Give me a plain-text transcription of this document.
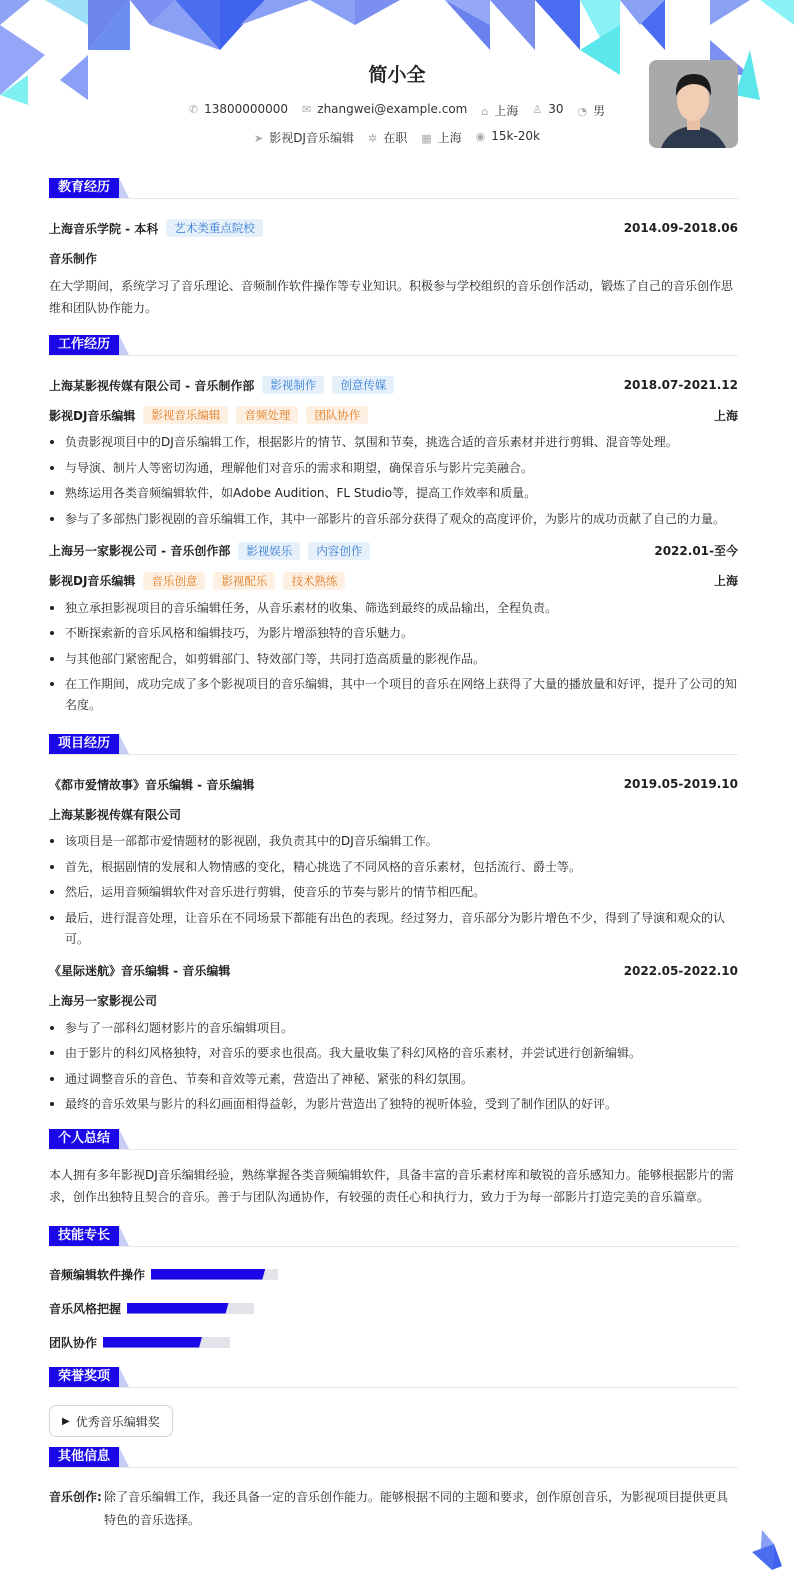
简小全
✆ 13800000000 ✉ zhangwei@example.com ⌂ 上海 ♙ 30 ◔ 男
➤ 影视DJ音乐编辑 ✲ 在职 ▦ 上海 ◉ 15k-20k
教育经历
上海音乐学院 - 本科	艺术类重点院校	2014.09-2018.06
音乐制作
在大学期间，系统学习了音乐理论、音频制作软件操作等专业知识。积极参与学校组织的音乐创作活动，锻炼了自己的音乐创作思维和团队协作能力。
工作经历
上海某影视传媒有限公司 - 音乐制作部	影视制作	创意传媒	2018.07-2021.12
影视DJ音乐编辑	影视音乐编辑	音频处理	团队协作	上海
负责影视项目中的DJ音乐编辑工作，根据影片的情节、氛围和节奏，挑选合适的音乐素材并进行剪辑、混音等处理。
与导演、制片人等密切沟通，理解他们对音乐的需求和期望，确保音乐与影片完美融合。
熟练运用各类音频编辑软件，如Adobe Audition、FL Studio等，提高工作效率和质量。
参与了多部热门影视剧的音乐编辑工作，其中一部影片的音乐部分获得了观众的高度评价，为影片的成功贡献了自己的力量。
上海另一家影视公司 - 音乐创作部	影视娱乐	内容创作	2022.01-至今
影视DJ音乐编辑	音乐创意	影视配乐	技术熟练	上海
独立承担影视项目的音乐编辑任务，从音乐素材的收集、筛选到最终的成品输出，全程负责。
不断探索新的音乐风格和编辑技巧，为影片增添独特的音乐魅力。
与其他部门紧密配合，如剪辑部门、特效部门等，共同打造高质量的影视作品。
在工作期间，成功完成了多个影视项目的音乐编辑，其中一个项目的音乐在网络上获得了大量的播放量和好评，提升了公司的知名度。
项目经历
《都市爱情故事》音乐编辑 - 音乐编辑	2019.05-2019.10
上海某影视传媒有限公司
该项目是一部都市爱情题材的影视剧，我负责其中的DJ音乐编辑工作。
首先，根据剧情的发展和人物情感的变化，精心挑选了不同风格的音乐素材，包括流行、爵士等。
然后，运用音频编辑软件对音乐进行剪辑，使音乐的节奏与影片的情节相匹配。
最后，进行混音处理，让音乐在不同场景下都能有出色的表现。经过努力，音乐部分为影片增色不少，得到了导演和观众的认可。
《星际迷航》音乐编辑 - 音乐编辑	2022.05-2022.10
上海另一家影视公司
参与了一部科幻题材影片的音乐编辑项目。
由于影片的科幻风格独特，对音乐的要求也很高。我大量收集了科幻风格的音乐素材，并尝试进行创新编辑。
通过调整音乐的音色、节奏和音效等元素，营造出了神秘、紧张的科幻氛围。
最终的音乐效果与影片的科幻画面相得益彰，为影片营造出了独特的视听体验，受到了制作团队的好评。
个人总结
本人拥有多年影视DJ音乐编辑经验，熟练掌握各类音频编辑软件，具备丰富的音乐素材库和敏锐的音乐感知力。能够根据影片的需求，创作出独特且契合的音乐。善于与团队沟通协作，有较强的责任心和执行力，致力于为每一部影片打造完美的音乐篇章。
技能专长
音频编辑软件操作
音乐风格把握
团队协作
荣誉奖项
▶ 优秀音乐编辑奖
其他信息
音乐创作: 除了音乐编辑工作，我还具备一定的音乐创作能力。能够根据不同的主题和要求，创作原创音乐，为影视项目提供更具特色的音乐选择。
